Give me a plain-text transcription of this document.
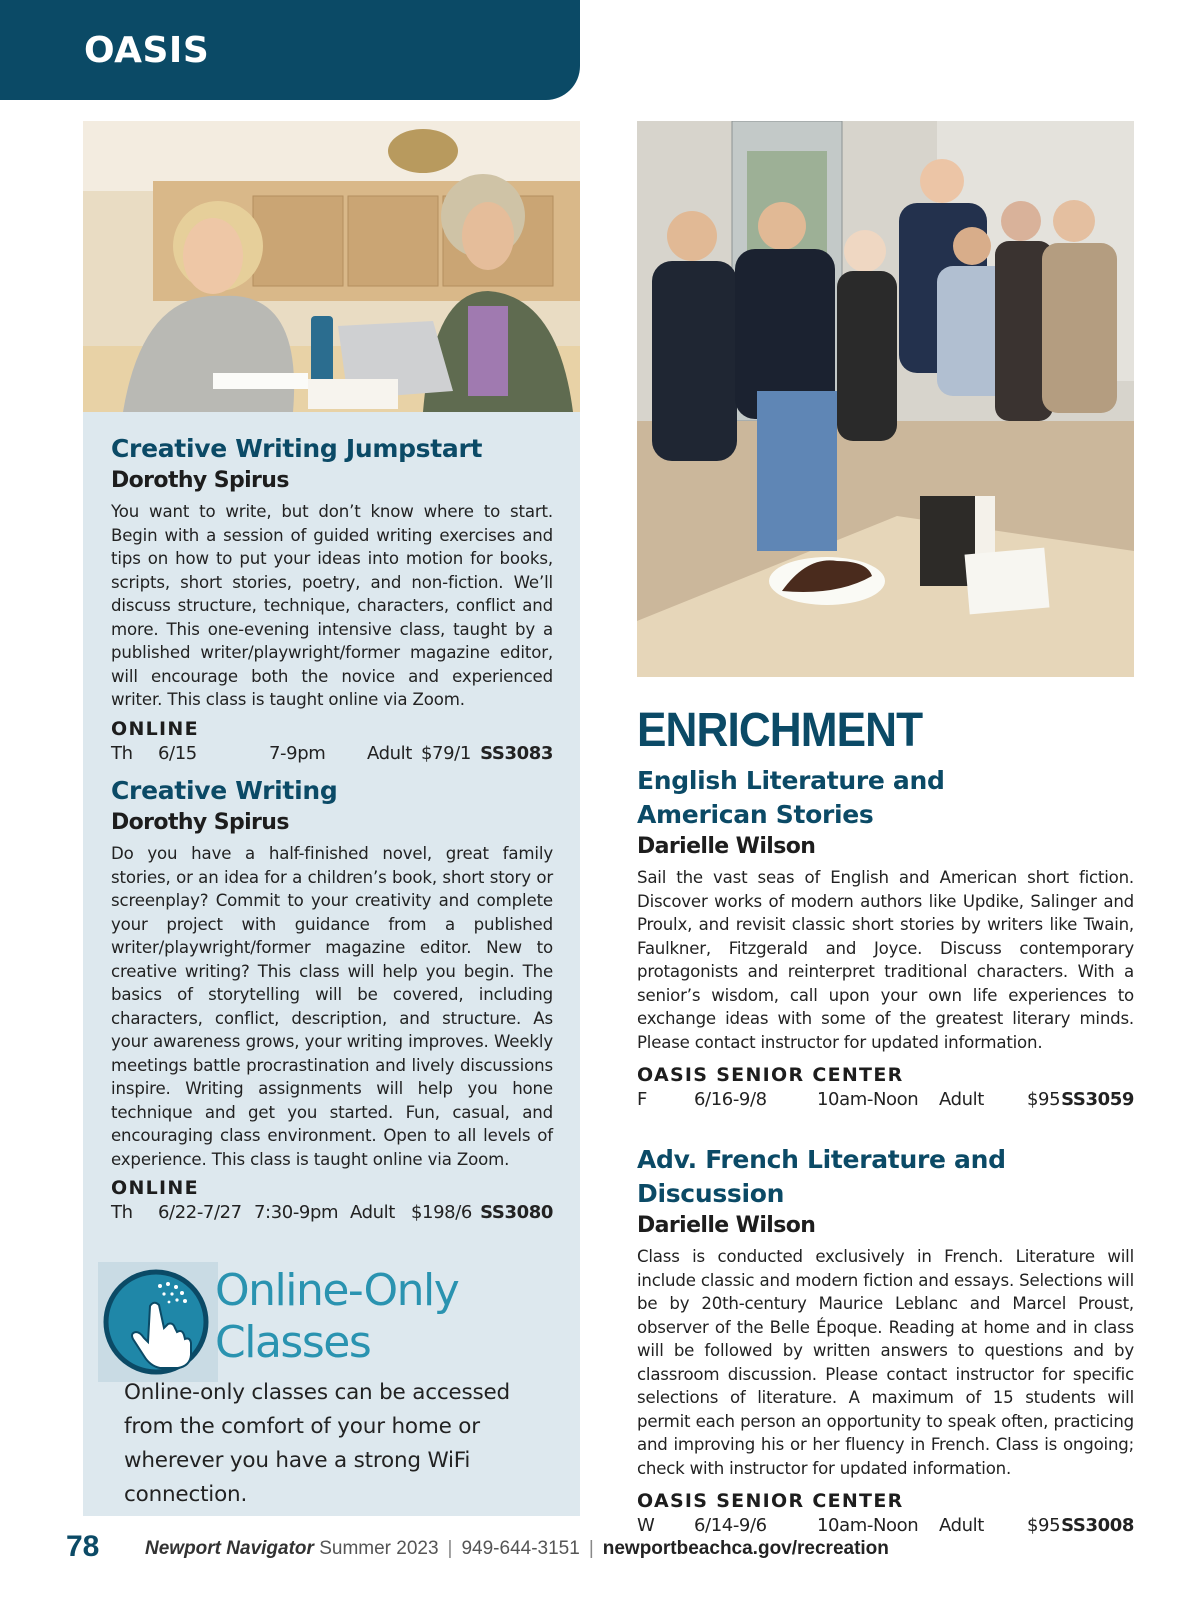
OASIS
Creative Writing Jumpstart
Dorothy Spirus
You want to write, but don’t know where to start. Begin with a session of guided writing exercises and tips on how to put your ideas into motion for books, scripts, short stories, poetry, and non-fiction. We’ll discuss structure, technique, characters, conflict and more. This one-evening intensive class, taught by a published writer/playwright/former magazine editor, will encourage both the novice and experienced writer. This class is taught online via Zoom.
ONLINE
Th 6/15	7-9pm Adult $79/1 SS3083
Creative Writing
Dorothy Spirus
Do you have a half-finished novel, great family stories, or an idea for a children’s book, short story or screenplay? Commit to your creativity and complete your project with guidance from a published writer/playwright/former magazine editor. New to creative writing? This class will help you begin. The basics of storytelling will be covered, including characters, conflict, description, and structure. As your awareness grows, your writing improves. Weekly meetings battle procrastination and lively discussions inspire. Writing assignments will help you hone technique and get you started. Fun, casual, and encouraging class environment. Open to all levels of experience. This class is taught online via Zoom.
ONLINE
Th 6/22-7/27 7:30-9pm Adult $198/6 SS3080
Online-Only
Classes
Online-only classes can be accessed from the comfort of your home or wherever you have a strong WiFi connection.
ENRICHMENT
English Literature and
American Stories
Darielle Wilson
Sail the vast seas of English and American short fiction. Discover works of modern authors like Updike, Salinger and Proulx, and revisit classic short stories by writers like Twain, Faulkner, Fitzgerald and Joyce. Discuss contemporary protagonists and reinterpret traditional characters. With a senior’s wisdom, call upon your own life experiences to exchange ideas with some of the greatest literary minds. Please contact instructor for updated information.
OASIS SENIOR CENTER
F	6/16-9/8	10am-Noon Adult $95 SS3059
Adv. French Literature and Discussion
Darielle Wilson
Class is conducted exclusively in French. Literature will include classic and modern fiction and essays. Selections will be by 20th-century Maurice Leblanc and Marcel Proust, observer of the Belle Époque. Reading at home and in class will be followed by written answers to questions and by classroom discussion. Please contact instructor for specific selections of literature. A maximum of 15 students will permit each person an opportunity to speak often, practicing and improving his or her fluency in French. Class is ongoing; check with instructor for updated information.
OASIS SENIOR CENTER
W 6/14-9/6	10am-Noon Adult $95 SS3008
78 Newport Navigator Summer 2023 | 949-644-3151 | newportbeachca.gov/recreation
